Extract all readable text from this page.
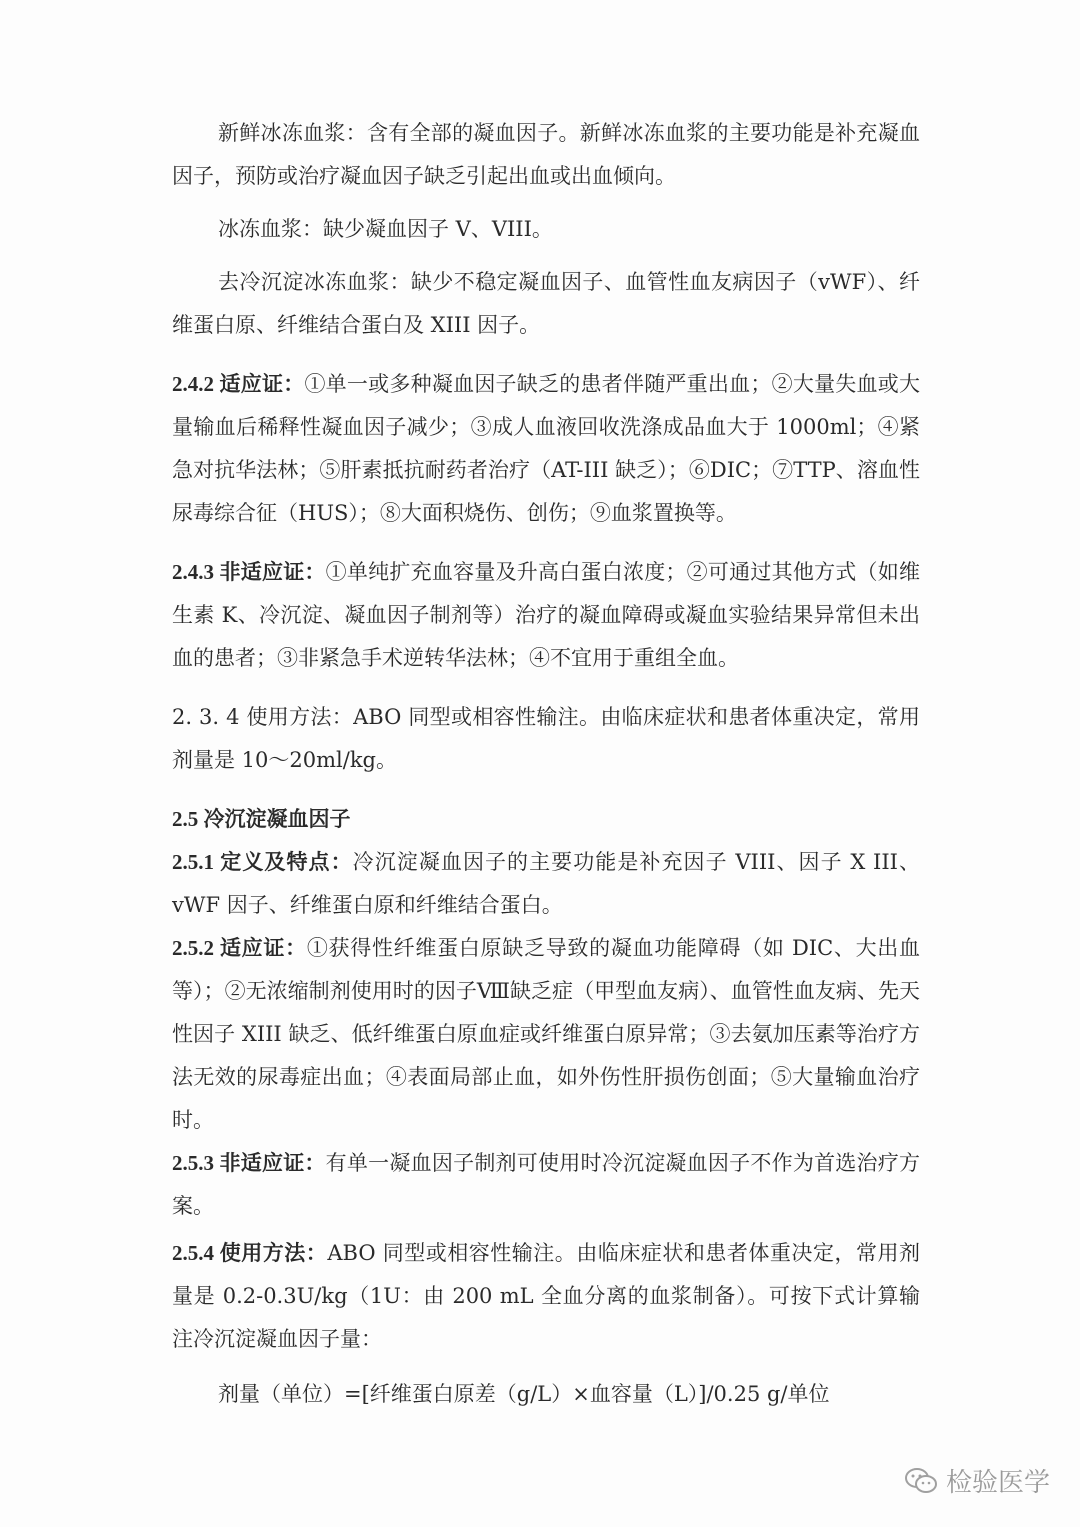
新鲜冰冻血浆：含有全部的凝血因子。新鲜冰冻血浆的主要功能是补充凝血因子，预防或治疗凝血因子缺乏引起出血或出血倾向。

冰冻血浆：缺少凝血因子 V、VIII。

去冷沉淀冰冻血浆：缺少不稳定凝血因子、血管性血友病因子（vWF）、纤维蛋白原、纤维结合蛋白及 XIII 因子。

2.4.2 适应证：①单一或多种凝血因子缺乏的患者伴随严重出血；②大量失血或大量输血后稀释性凝血因子减少；③成人血液回收洗涤成品血大于 1000ml；④紧急对抗华法林；⑤肝素抵抗耐药者治疗（AT-III 缺乏）；⑥DIC；⑦TTP、溶血性尿毒综合征（HUS）；⑧大面积烧伤、创伤；⑨血浆置换等。

2.4.3 非适应证：①单纯扩充血容量及升高白蛋白浓度；②可通过其他方式（如维生素 K、冷沉淀、凝血因子制剂等）治疗的凝血障碍或凝血实验结果异常但未出血的患者；③非紧急手术逆转华法林；④不宜用于重组全血。

2. 3. 4 使用方法：ABO 同型或相容性输注。由临床症状和患者体重决定，常用剂量是 10～20ml/kg。

2.5 冷沉淀凝血因子

2.5.1 定义及特点：冷沉淀凝血因子的主要功能是补充因子 VIII、因子 X III、vWF 因子、纤维蛋白原和纤维结合蛋白。

2.5.2 适应证：①获得性纤维蛋白原缺乏导致的凝血功能障碍（如 DIC、大出血等）；②无浓缩制剂使用时的因子Ⅷ缺乏症（甲型血友病）、血管性血友病、先天性因子 XIII 缺乏、低纤维蛋白原血症或纤维蛋白原异常；③去氨加压素等治疗方法无效的尿毒症出血；④表面局部止血，如外伤性肝损伤创面；⑤大量输血治疗时。

2.5.3 非适应证：有单一凝血因子制剂可使用时冷沉淀凝血因子不作为首选治疗方案。

2.5.4 使用方法：ABO 同型或相容性输注。由临床症状和患者体重决定，常用剂量是 0.2-0.3U/kg（1U：由 200 mL 全血分离的血浆制备）。可按下式计算输注冷沉淀凝血因子量：

剂量（单位）=[纤维蛋白原差（g/L）×血容量（L）]/0.25 g/单位

检验医学
